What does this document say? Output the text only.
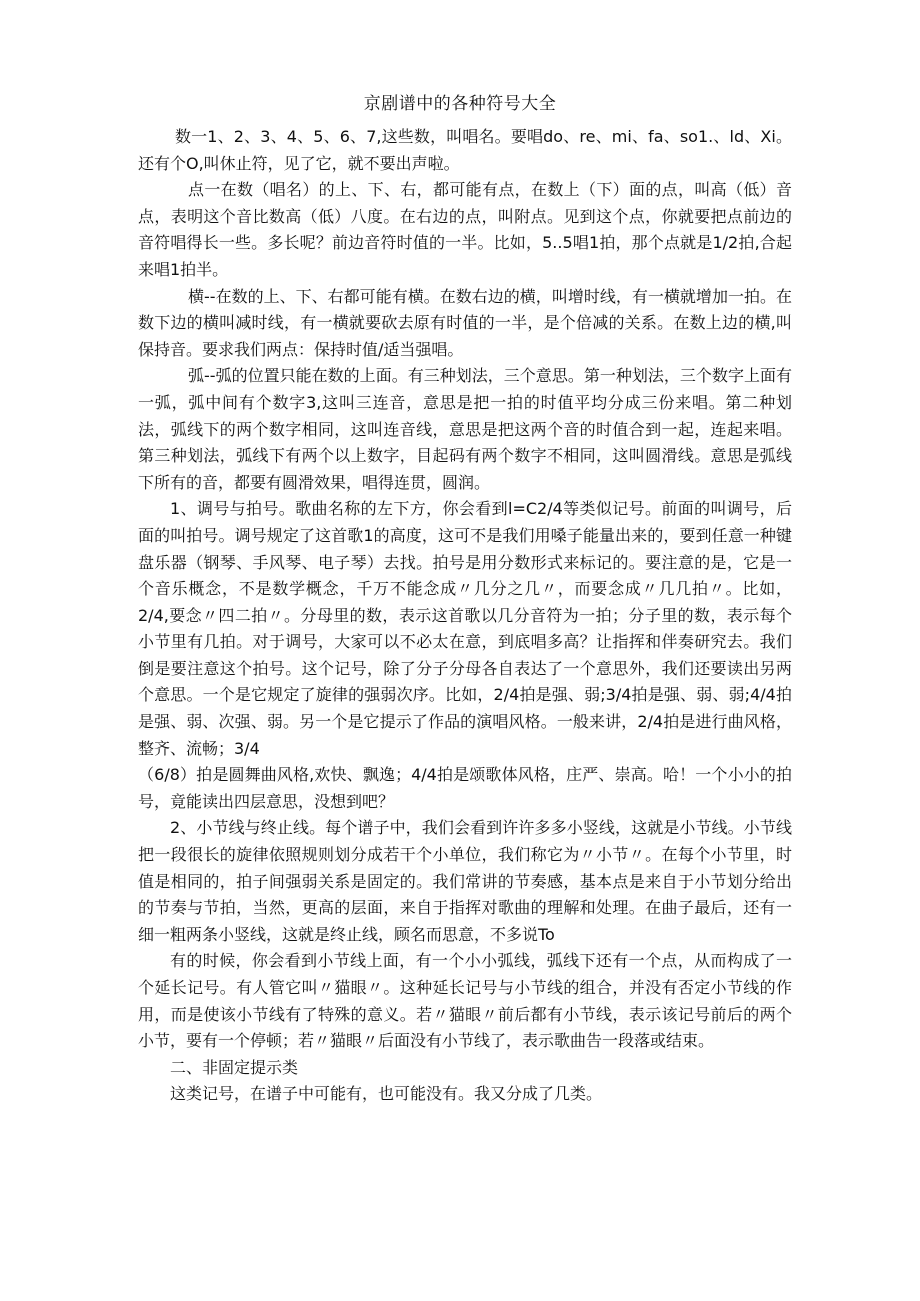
京剧谱中的各种符号大全

数一1、2、3、4、5、6、7,这些数，叫唱名。要唱do、re、mi、fa、so1.、ld、Xi。还有个O,叫休止符，见了它，就不要出声啦。

点一在数（唱名）的上、下、右，都可能有点，在数上（下）面的点，叫高（低）音点，表明这个音比数高（低）八度。在右边的点，叫附点。见到这个点，你就要把点前边的音符唱得长一些。多长呢？前边音符时值的一半。比如，5..5唱1拍，那个点就是1/2拍,合起来唱1拍半。

横--在数的上、下、右都可能有横。在数右边的横，叫增时线，有一横就增加一拍。在数下边的横叫减时线，有一横就要砍去原有时值的一半，是个倍减的关系。在数上边的横,叫保持音。要求我们两点：保持时值/适当强唱。

弧--弧的位置只能在数的上面。有三种划法，三个意思。第一种划法，三个数字上面有一弧，弧中间有个数字3,这叫三连音，意思是把一拍的时值平均分成三份来唱。第二种划法，弧线下的两个数字相同，这叫连音线，意思是把这两个音的时值合到一起，连起来唱。第三种划法，弧线下有两个以上数字，目起码有两个数字不相同，这叫圆滑线。意思是弧线下所有的音，都要有圆滑效果，唱得连贯，圆润。

1、调号与拍号。歌曲名称的左下方，你会看到l=C2/4等类似记号。前面的叫调号，后面的叫拍号。调号规定了这首歌1的高度，这可不是我们用嗓子能量出来的，要到任意一种键盘乐器（钢琴、手风琴、电子琴）去找。拍号是用分数形式来标记的。要注意的是，它是一个音乐概念，不是数学概念，千万不能念成〃几分之几〃，而要念成〃几几拍〃。比如，2/4,要念〃四二拍〃。分母里的数，表示这首歌以几分音符为一拍；分子里的数，表示每个小节里有几拍。对于调号，大家可以不必太在意，到底唱多高？让指挥和伴奏研究去。我们倒是要注意这个拍号。这个记号，除了分子分母各自表达了一个意思外，我们还要读出另两个意思。一个是它规定了旋律的强弱次序。比如，2/4拍是强、弱;3/4拍是强、弱、弱;4/4拍是强、弱、次强、弱。另一个是它提示了作品的演唱风格。一般来讲，2/4拍是进行曲风格，整齐、流畅；3/4

（6/8）拍是圆舞曲风格,欢快、飘逸；4/4拍是颂歌体风格，庄严、崇高。哈！一个小小的拍号，竟能读出四层意思，没想到吧？

2、小节线与终止线。每个谱子中，我们会看到许许多多小竖线，这就是小节线。小节线把一段很长的旋律依照规则划分成若干个小单位，我们称它为〃小节〃。在每个小节里，时值是相同的，拍子间强弱关系是固定的。我们常讲的节奏感，基本点是来自于小节划分给出的节奏与节拍，当然，更高的层面，来自于指挥对歌曲的理解和处理。在曲子最后，还有一细一粗两条小竖线，这就是终止线，顾名而思意，不多说To

有的时候，你会看到小节线上面，有一个小小弧线，弧线下还有一个点，从而构成了一个延长记号。有人管它叫〃猫眼〃。这种延长记号与小节线的组合，并没有否定小节线的作用，而是使该小节线有了特殊的意义。若〃猫眼〃前后都有小节线，表示该记号前后的两个小节，要有一个停顿；若〃猫眼〃后面没有小节线了，表示歌曲告一段落或结束。

二、非固定提示类

这类记号，在谱子中可能有，也可能没有。我又分成了几类。
